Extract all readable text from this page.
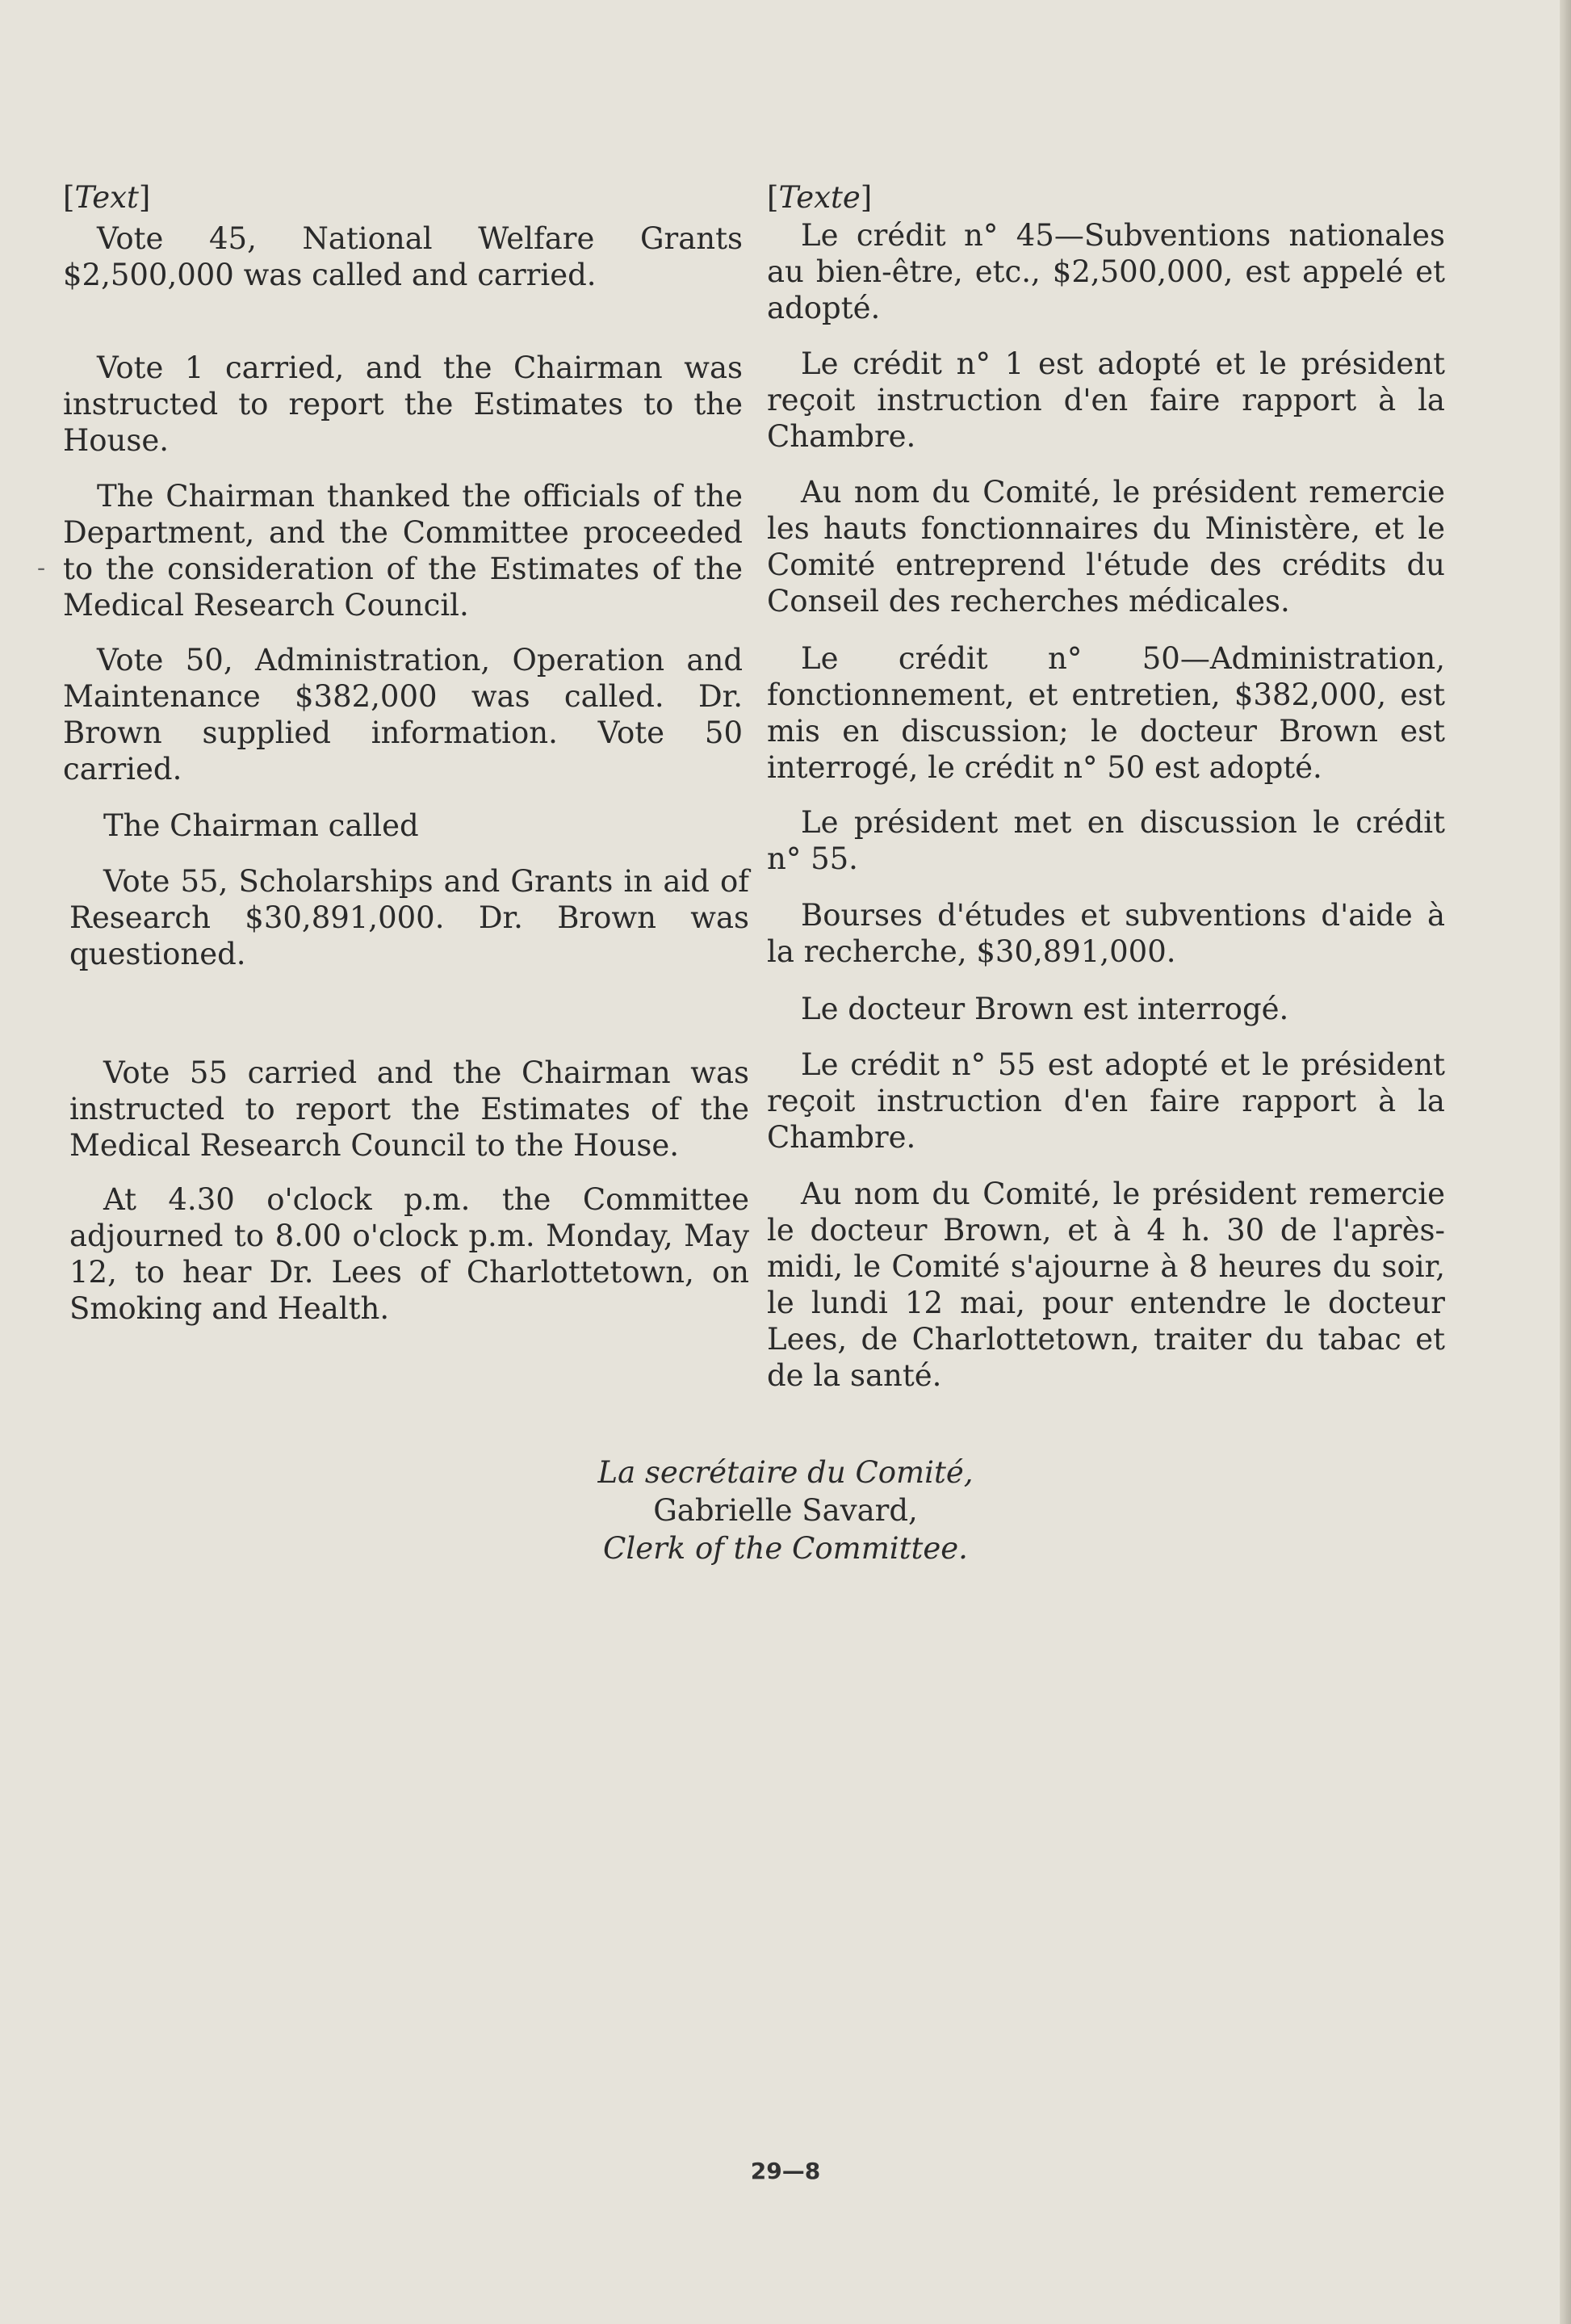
-

[Text]

Vote 45, National Welfare Grants $2,500,000 was called and carried.

Vote 1 carried, and the Chairman was instructed to report the Estimates to the House.

The Chairman thanked the officials of the Department, and the Committee proceeded to the consideration of the Estimates of the Medical Research Council.

Vote 50, Administration, Operation and Maintenance $382,000 was called. Dr. Brown supplied information. Vote 50 carried.

The Chairman called

Vote 55, Scholarships and Grants in aid of Research $30,891,000. Dr. Brown was questioned.

Vote 55 carried and the Chairman was instructed to report the Estimates of the Medical Research Council to the House.

At 4.30 o'clock p.m. the Committee adjourned to 8.00 o'clock p.m. Monday, May 12, to hear Dr. Lees of Charlottetown, on Smoking and Health.

[Texte]

Le crédit n° 45—Subventions nationales au bien-être, etc., $2,500,000, est appelé et adopté.

Le crédit n° 1 est adopté et le président reçoit instruction d'en faire rapport à la Chambre.

Au nom du Comité, le président remercie les hauts fonctionnaires du Ministère, et le Comité entreprend l'étude des crédits du Conseil des recherches médicales.

Le crédit n° 50—Administration, fonctionnement, et entretien, $382,000, est mis en discussion; le docteur Brown est interrogé, le crédit n° 50 est adopté.

Le président met en discussion le crédit n° 55.

Bourses d'études et subventions d'aide à la recherche, $30,891,000.

Le docteur Brown est interrogé.

Le crédit n° 55 est adopté et le président reçoit instruction d'en faire rapport à la Chambre.

Au nom du Comité, le président remercie le docteur Brown, et à 4 h. 30 de l'après-midi, le Comité s'ajourne à 8 heures du soir, le lundi 12 mai, pour entendre le docteur Lees, de Charlottetown, traiter du tabac et de la santé.

La secrétaire du Comité,
Gabrielle Savard,
Clerk of the Committee.
29—8
